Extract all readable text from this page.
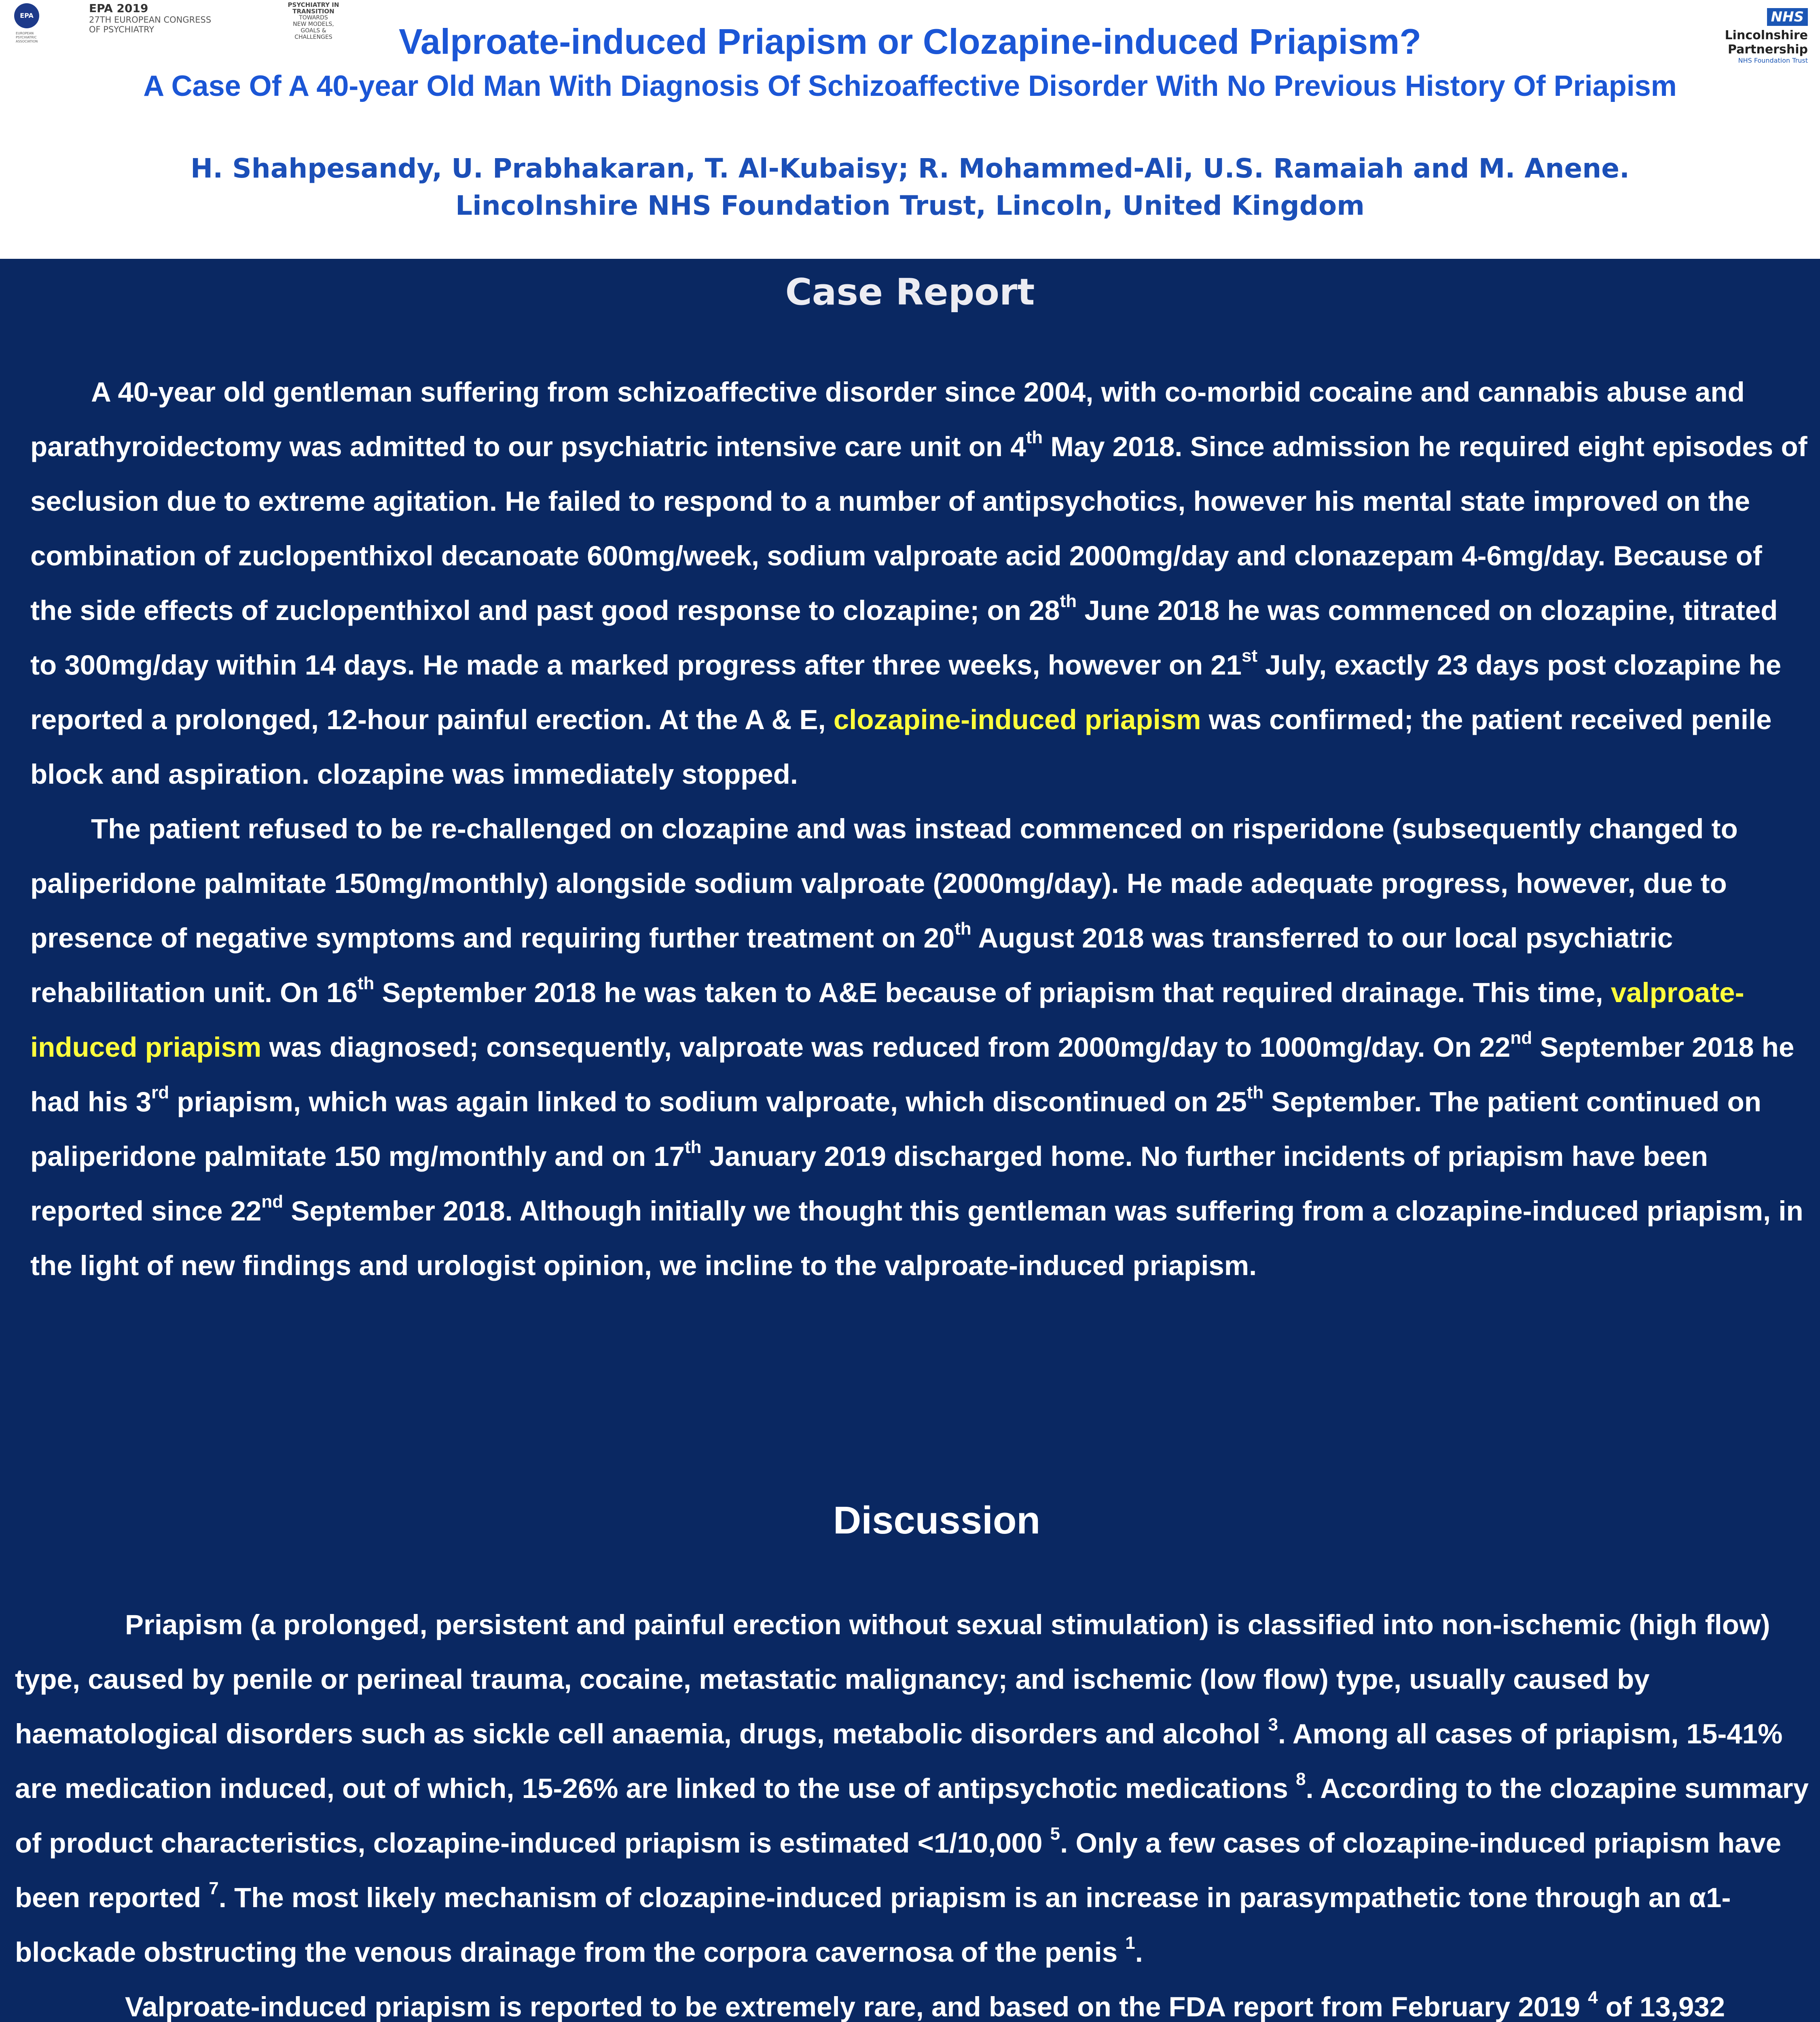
EPA
EUROPEAN PSYCHIATRIC ASSOCIATION
EPA 2019
27TH EUROPEAN CONGRESS
OF PSYCHIATRY
PSYCHIATRY IN
TRANSITION
TOWARDS
NEW MODELS,
GOALS &
CHALLENGES
NHS
Lincolnshire Partnership
NHS Foundation Trust
Valproate-induced Priapism or Clozapine-induced Priapism?
A Case Of A 40-year Old Man With Diagnosis Of Schizoaffective Disorder With No Previous History Of Priapism
H. Shahpesandy, U. Prabhakaran, T. Al-Kubaisy; R. Mohammed-Ali, U.S. Ramaiah and M. Anene.
Lincolnshire NHS Foundation Trust, Lincoln, United Kingdom
Case Report
A 40-year old gentleman suffering from schizoaffective disorder since 2004, with co-morbid cocaine and cannabis abuse and parathyroidectomy was admitted to our psychiatric intensive care unit on 4th May 2018. Since admission he required eight episodes of seclusion due to extreme agitation. He failed to respond to a number of antipsychotics, however his mental state improved on the combination of zuclopenthixol decanoate 600mg/week, sodium valproate acid 2000mg/day and clonazepam 4-6mg/day. Because of the side effects of zuclopenthixol and past good response to clozapine; on 28th June 2018 he was commenced on clozapine, titrated to 300mg/day within 14 days. He made a marked progress after three weeks, however on 21st July, exactly 23 days post clozapine he reported a prolonged, 12-hour painful erection. At the A & E, clozapine-induced priapism was confirmed; the patient received penile block and aspiration. clozapine was immediately stopped.
The patient refused to be re-challenged on clozapine and was instead commenced on risperidone (subsequently changed to paliperidone palmitate 150mg/monthly) alongside sodium valproate (2000mg/day). He made adequate progress, however, due to presence of negative symptoms and requiring further treatment on 20th August 2018 was transferred to our local psychiatric rehabilitation unit. On 16th September 2018 he was taken to A&E because of priapism that required drainage. This time, valproate-induced priapism was diagnosed; consequently, valproate was reduced from 2000mg/day to 1000mg/day. On 22nd September 2018 he had his 3rd priapism, which was again linked to sodium valproate, which discontinued on 25th September. The patient continued on paliperidone palmitate 150 mg/monthly and on 17th January 2019 discharged home. No further incidents of priapism have been reported since 22nd September 2018. Although initially we thought this gentleman was suffering from a clozapine-induced priapism, in the light of new findings and urologist opinion, we incline to the valproate-induced priapism.
Discussion
Priapism (a prolonged, persistent and painful erection without sexual stimulation) is classified into non-ischemic (high flow) type, caused by penile or perineal trauma, cocaine, metastatic malignancy; and ischemic (low flow) type, usually caused by haematological disorders such as sickle cell anaemia, drugs, metabolic disorders and alcohol $^3$. Among all cases of priapism, 15-41% are medication induced, out of which, 15-26% are linked to the use of antipsychotic medications $^8$. According to the clozapine summary of product characteristics, clozapine-induced priapism is estimated <1/10,000 $^5$. Only a few cases of clozapine-induced priapism have been reported $^7$. The most likely mechanism of clozapine-induced priapism is an increase in parasympathetic tone through an α1-blockade obstructing the venous drainage from the corpora cavernosa of the penis $^1$.
Valproate-induced priapism is reported to be extremely rare, and based on the FDA report from February 2019 $^4$ of 13,932
